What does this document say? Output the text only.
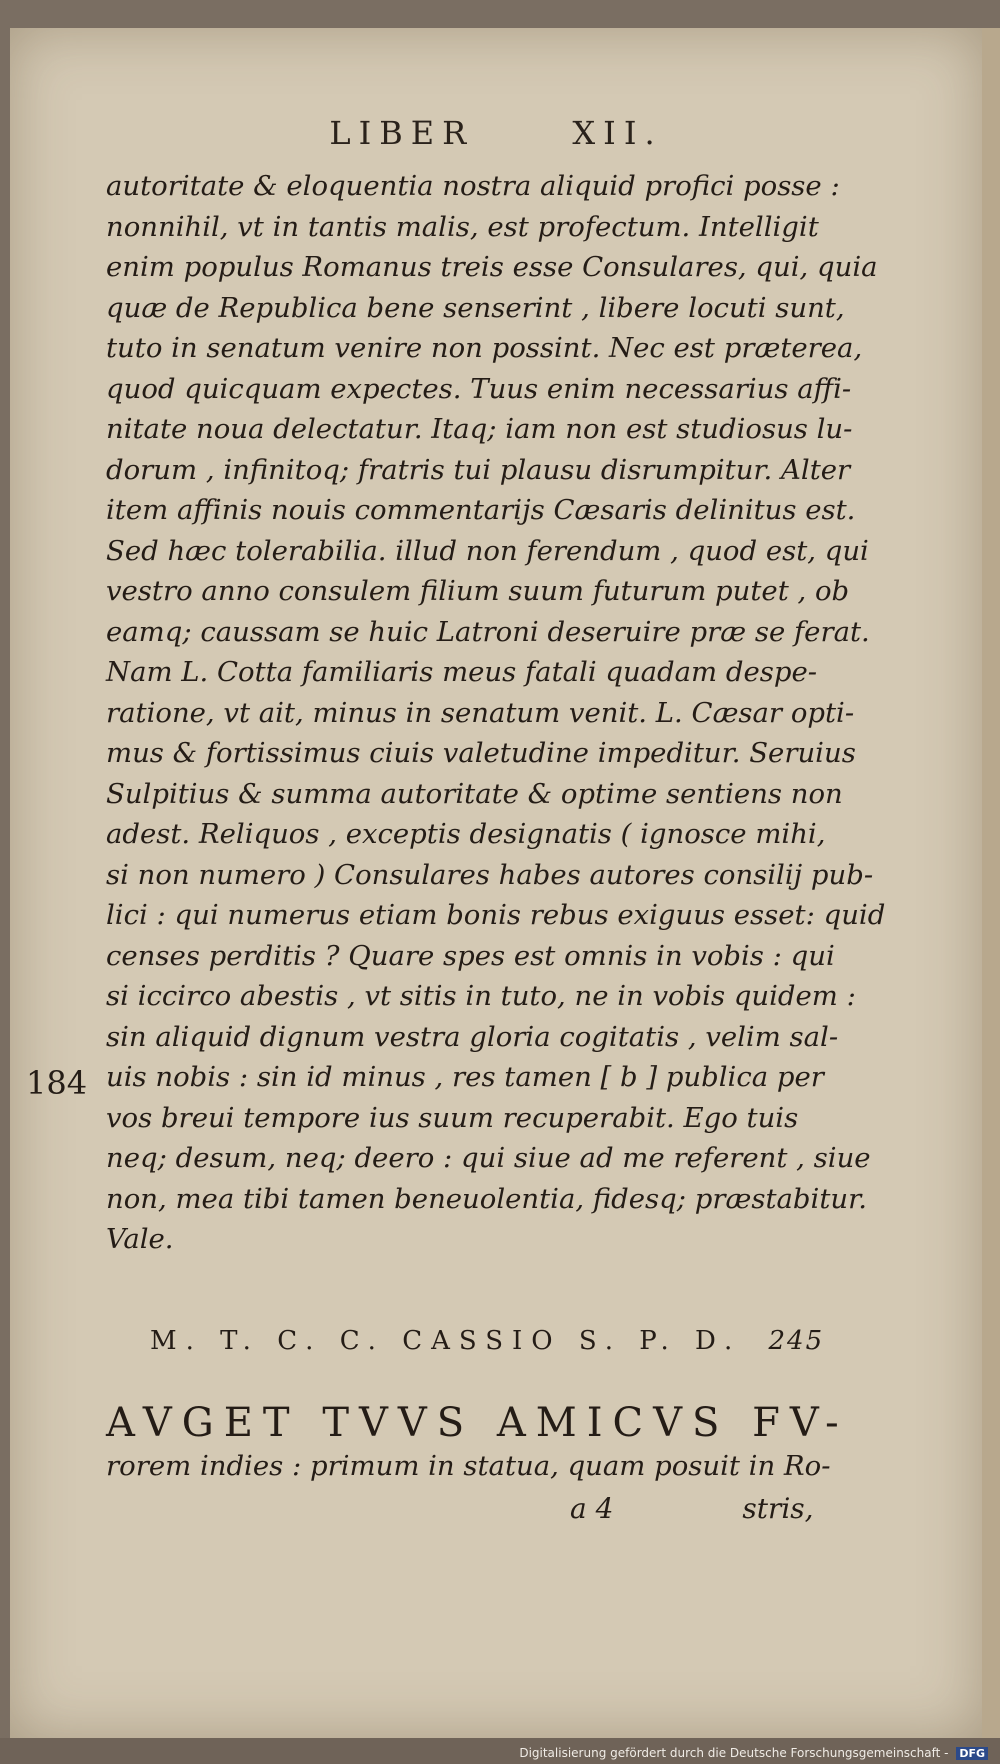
LIBER	XII.
autoritate & eloquentia nostra aliquid profici posse :
nonnihil, vt in tantis malis, est profectum. Intelligit
enim populus Romanus treis esse Consulares, qui, quia
quæ de Republica bene senserint , libere locuti sunt,
tuto in senatum venire non possint. Nec est præterea,
quod quicquam expectes. Tuus enim necessarius affi-
nitate noua delectatur. Itaq; iam non est studiosus lu-
dorum , infinitoq; fratris tui plausu disrumpitur. Alter
item affinis nouis commentarijs Cæsaris delinitus est.
Sed hæc tolerabilia. illud non ferendum , quod est, qui
vestro anno consulem filium suum futurum putet , ob
eamq; caussam se huic Latroni deseruire præ se ferat.
Nam L. Cotta familiaris meus fatali quadam despe-
ratione, vt ait, minus in senatum venit. L. Cæsar opti-
mus & fortissimus ciuis valetudine impeditur. Seruius
Sulpitius & summa autoritate & optime sentiens non
adest. Reliquos , exceptis designatis ( ignosce mihi,
si non numero ) Consulares habes autores consilij pub-
lici : qui numerus etiam bonis rebus exiguus esset: quid
censes perditis ? Quare spes est omnis in vobis : qui
si iccirco abestis , vt sitis in tuto, ne in vobis quidem :
sin aliquid dignum vestra gloria cogitatis , velim sal-
uis nobis : sin id minus , res tamen [ b ] publica per
vos breui tempore ius suum recuperabit. Ego tuis
neq; desum, neq; deero : qui siue ad me referent , siue
non, mea tibi tamen beneuolentia, fidesq; præstabitur.
Vale.
184
M. T. C. C. CASSIO S. P. D. 245
AVGET TVVS AMICVS FV-
rorem indies : primum in statua, quam posuit in Ro-
a 4	stris,
Digitalisierung gefördert durch die Deutsche Forschungsgemeinschaft - DFG
